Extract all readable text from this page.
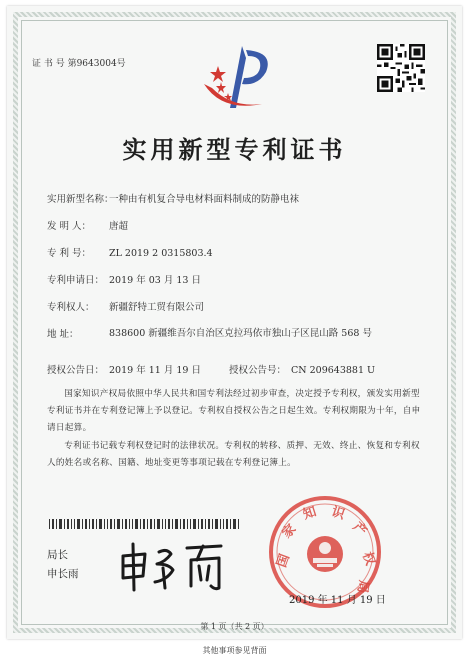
证 书 号 第9643004号
实用新型专利证书
实用新型名称：一种由有机复合导电材料面料制成的防静电袜
发 明 人： 唐超
专 利 号： ZL 2019 2 0315803.4
专利申请日： 2019 年 03 月 13 日
专利权人： 新疆舒特工贸有限公司
地 址：	838600 新疆维吾尔自治区克拉玛依市独山子区昆山路 568 号
授权公告日： 2019 年 11 月 19 日	授权公告号： CN 209643881 U
国家知识产权局依照中华人民共和国专利法经过初步审查，决定授予专利权，颁发实用新型专利证书并在专利登记簿上予以登记。专利权自授权公告之日起生效。专利权期限为十年，自申请日起算。
专利证书记载专利权登记时的法律状况。专利权的转移、质押、无效、终止、恢复和专利权人的姓名或名称、国籍、地址变更等事项记载在专利登记簿上。
局长
申长雨
国
家
知 识
产
权
局
2019 年 11 月 19 日
第 1 页（共 2 页）
其他事项参见背面
